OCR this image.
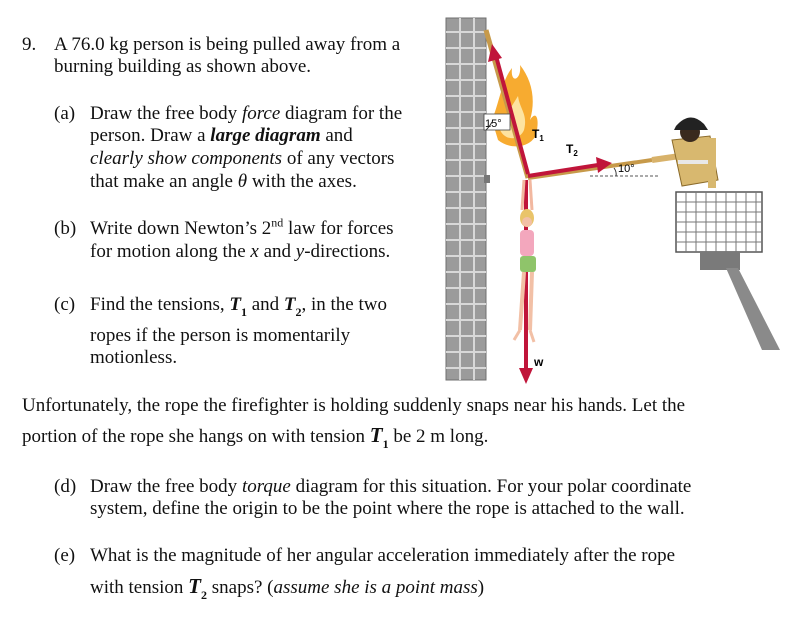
9. A 76.0 kg person is being pulled away from a
burning building as shown above.
(a) Draw the free body force diagram for the
person. Draw a large diagram and
clearly show components of any vectors
that make an angle θ with the axes.
(b) Write down Newton’s 2nd law for forces
for motion along the x and y-directions.
(c) Find the tensions, $T_1$ and $T_2$, in the two
ropes if the person is momentarily
motionless.
Unfortunately, the rope the firefighter is holding suddenly snaps near his hands. Let the
portion of the rope she hangs on with tension $T_1$ be 2 m long.
(d) Draw the free body torque diagram for this situation. For your polar coordinate
system, define the origin to be the point where the rope is attached to the wall.
(e) What is the magnitude of her angular acceleration immediately after the rope
with tension $T_2$ snaps? (assume she is a point mass)
15°
10°
$T_1$
$T_2$
w
